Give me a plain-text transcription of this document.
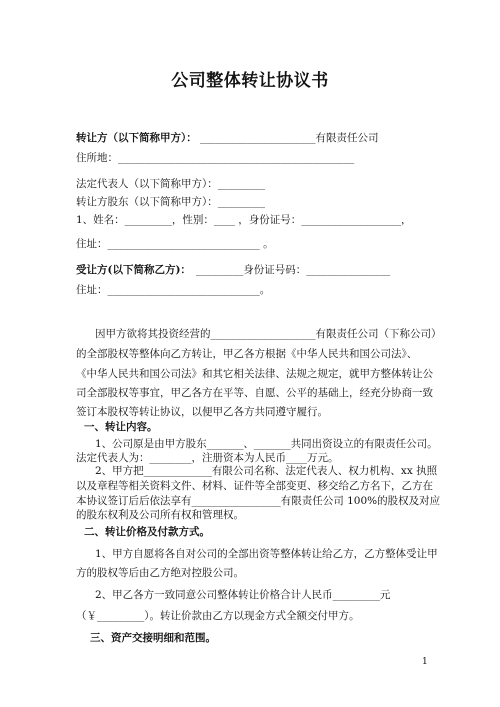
公司整体转让协议书
转让方（以下简称甲方）： ______________________有限责任公司
住所地：_____________________________________________
法定代表人（以下简称甲方）：_________
转让方股东（以下简称甲方）：_________
1、姓名：_________，性别：____ ，身份证号：___________________，
住址：_____________________________ 。
受让方(以下简称乙方)： _________身份证号码：________________
住址：_____________________________。
因甲方欲将其投资经营的____________________有限责任公司（下称公司）
的全部股权等整体向乙方转让，甲乙各方根据《中华人民共和国公司法》、
《中华人民共和国公司法》和其它相关法律、法规之规定，就甲方整体转让公
司全部股权等事宜，甲乙各方在平等、自愿、公平的基础上，经充分协商一致
签订本股权等转让协议，以便甲乙各方共同遵守履行。
一、转让内容。
1、公司原是由甲方股东_______、_______共同出资设立的有限责任公司。
法定代表人为：________，注册资本为人民币____万元。
2、甲方把_____________有限公司名称、法定代表人、权力机构、xx 执照
以及章程等相关资料文件、材料、证件等全部变更、移交给乙方名下，乙方在
本协议签订后后依法享有_________________有限责任公司 100%的股权及对应
的股东权利及公司所有权和管理权。
二、转让价格及付款方式。
1、甲方自愿将各自对公司的全部出资等整体转让给乙方，乙方整体受让甲
方的股权等后由乙方绝对控股公司。
2、甲乙各方一致同意公司整体转让价格合计人民币_________元
（￥_________）。转让价款由乙方以现金方式全额交付甲方。
三、资产交接明细和范围。
1
